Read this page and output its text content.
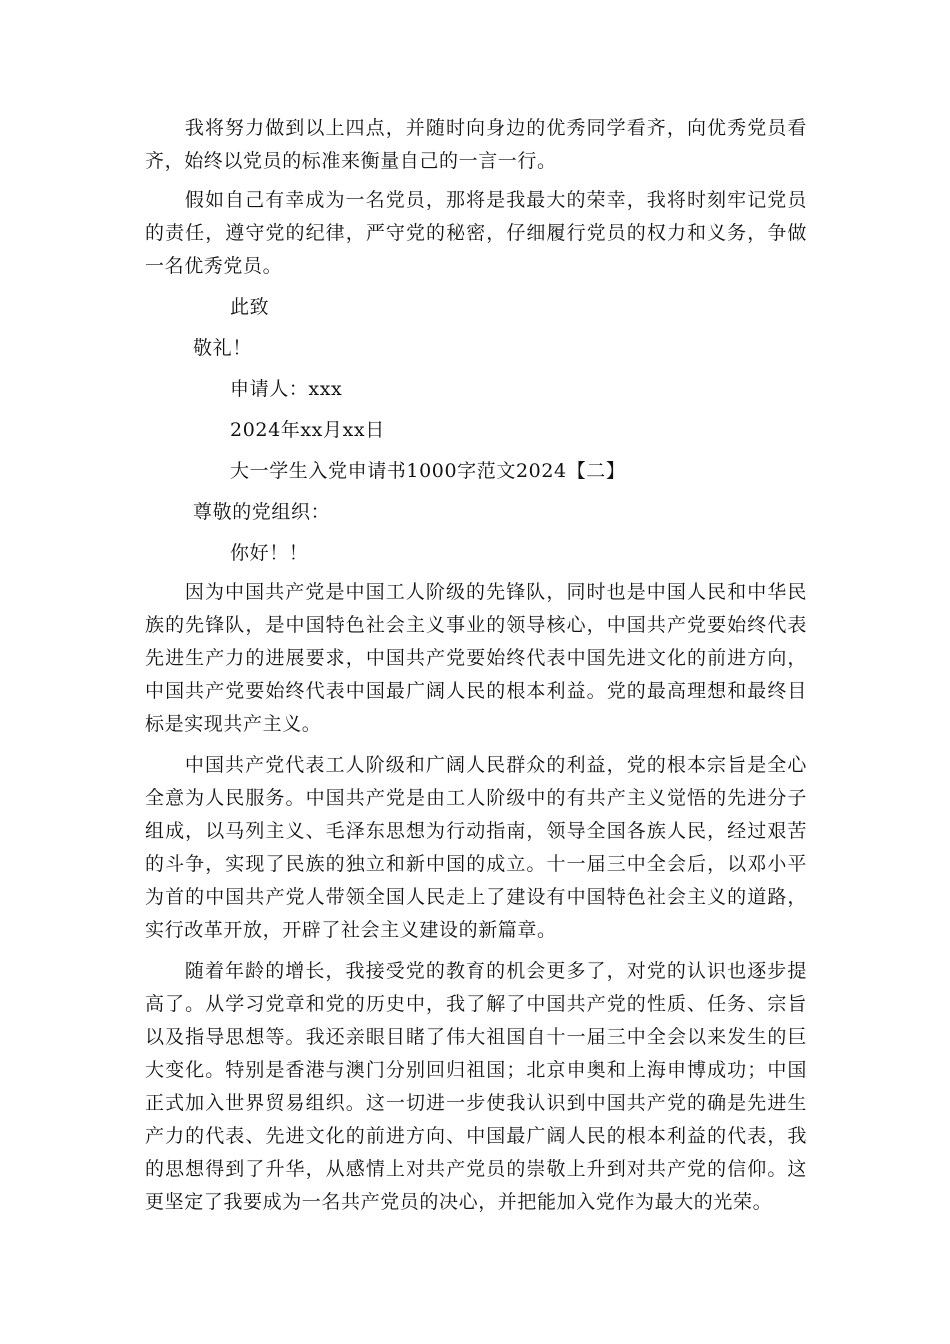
我将努力做到以上四点，并随时向身边的优秀同学看齐，向优秀党员看齐，始终以党员的标准来衡量自己的一言一行。

假如自己有幸成为一名党员，那将是我最大的荣幸，我将时刻牢记党员的责任，遵守党的纪律，严守党的秘密，仔细履行党员的权力和义务，争做一名优秀党员。

此致
敬礼！
申请人：xxx
2024年xx月xx日
大一学生入党申请书1000字范文2024【二】
尊敬的党组织：
你好！！

因为中国共产党是中国工人阶级的先锋队，同时也是中国人民和中华民族的先锋队，是中国特色社会主义事业的领导核心，中国共产党要始终代表先进生产力的进展要求，中国共产党要始终代表中国先进文化的前进方向，中国共产党要始终代表中国最广阔人民的根本利益。党的最高理想和最终目标是实现共产主义。

中国共产党代表工人阶级和广阔人民群众的利益，党的根本宗旨是全心全意为人民服务。中国共产党是由工人阶级中的有共产主义觉悟的先进分子组成，以马列主义、毛泽东思想为行动指南，领导全国各族人民，经过艰苦的斗争，实现了民族的独立和新中国的成立。十一届三中全会后，以邓小平为首的中国共产党人带领全国人民走上了建设有中国特色社会主义的道路，实行改革开放，开辟了社会主义建设的新篇章。

随着年龄的增长，我接受党的教育的机会更多了，对党的认识也逐步提高了。从学习党章和党的历史中，我了解了中国共产党的性质、任务、宗旨以及指导思想等。我还亲眼目睹了伟大祖国自十一届三中全会以来发生的巨大变化。特别是香港与澳门分别回归祖国；北京申奥和上海申博成功；中国正式加入世界贸易组织。这一切进一步使我认识到中国共产党的确是先进生产力的代表、先进文化的前进方向、中国最广阔人民的根本利益的代表，我的思想得到了升华，从感情上对共产党员的崇敬上升到对共产党的信仰。这更坚定了我要成为一名共产党员的决心，并把能加入党作为最大的光荣。
